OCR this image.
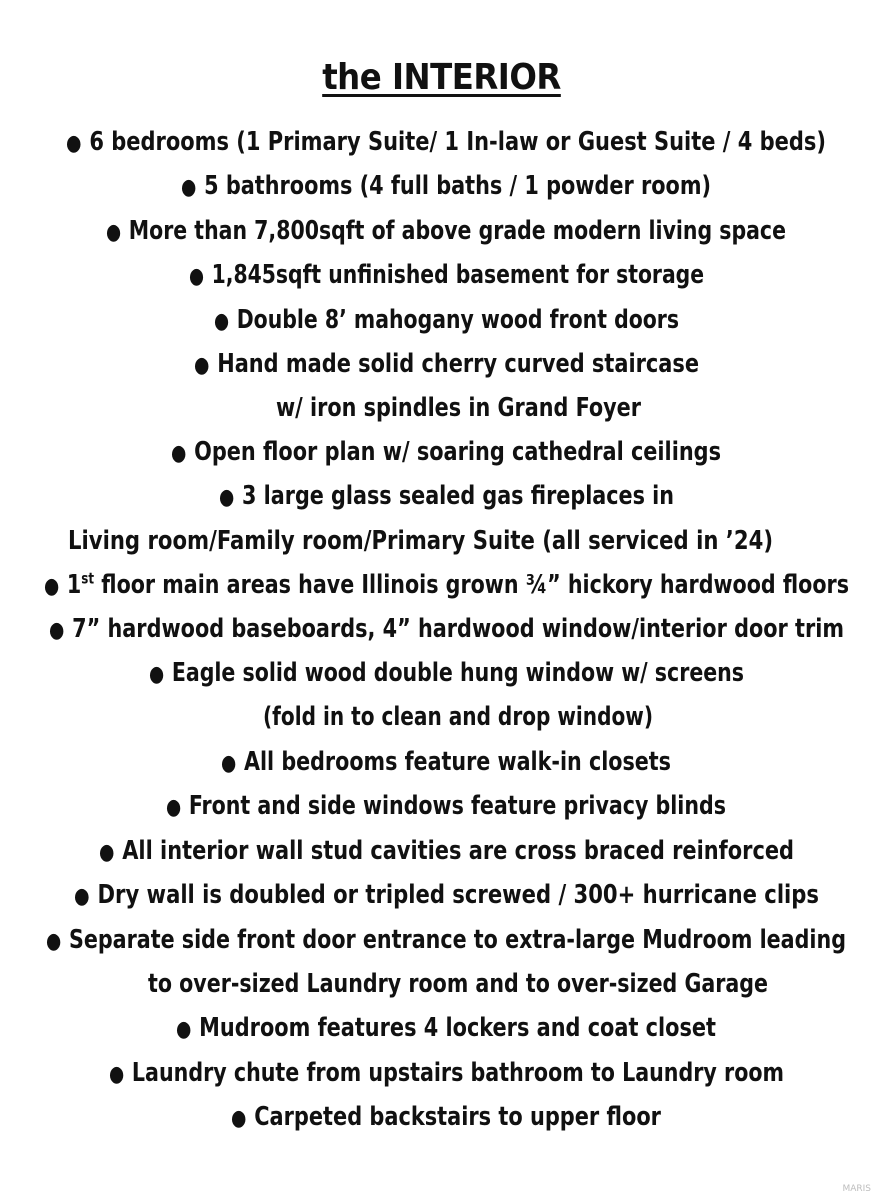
the INTERIOR
● 6 bedrooms (1 Primary Suite/ 1 In-law or Guest Suite / 4 beds)
● 5 bathrooms (4 full baths / 1 powder room)
● More than 7,800sqft of above grade modern living space
● 1,845sqft unfinished basement for storage
● Double 8’ mahogany wood front doors
● Hand made solid cherry curved staircase
w/ iron spindles in Grand Foyer
● Open floor plan w/ soaring cathedral ceilings
● 3 large glass sealed gas fireplaces in
Living room/Family room/Primary Suite (all serviced in ’24)
● 1st floor main areas have Illinois grown ¾” hickory hardwood floors
● 7” hardwood baseboards, 4” hardwood window/interior door trim
● Eagle solid wood double hung window w/ screens
(fold in to clean and drop window)
● All bedrooms feature walk-in closets
● Front and side windows feature privacy blinds
● All interior wall stud cavities are cross braced reinforced
● Dry wall is doubled or tripled screwed / 300+ hurricane clips
● Separate side front door entrance to extra-large Mudroom leading
to over-sized Laundry room and to over-sized Garage
● Mudroom features 4 lockers and coat closet
● Laundry chute from upstairs bathroom to Laundry room
● Carpeted backstairs to upper floor
MARIS
